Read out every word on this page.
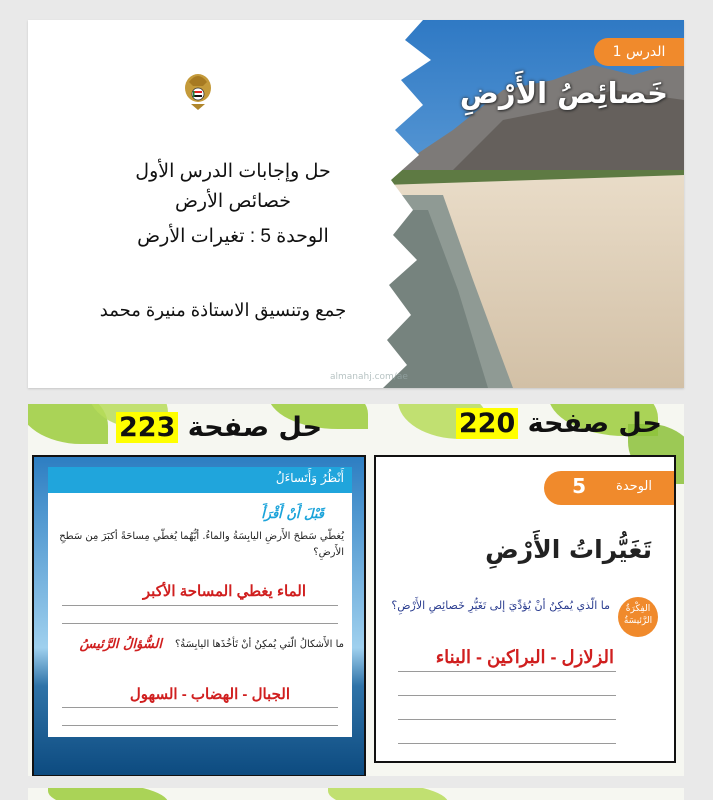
الدرس 1
خَصائِصُ الأَرْضِ
حل وإجابات الدرس الأول
خصائص الأرض
الوحدة 5 : تغيرات الأرض
جمع وتنسيق الاستاذة منيرة محمد
almanahj.com/ae
حل صفحة 220
حل صفحة 223
الوحدة
5
تَغَيُّراتُ الأَرْضِ
الفِكْرَةُ الرَّئيسَةُ
ما الّذي يُمكِنُ أنْ يُؤدِّيَ إلى تَغَيُّرِ خَصائِصِ الأَرْضِ؟
الزلازل - البراكين - البناء
أَنْظُرُ وَأَتَساءَلُ
قَبْلَ أَنْ أَقْرَأَ
يُغطّي سَطحَ الأَرضِ اليابِسَةُ والماءُ. أيُّهُما يُغطّي مِساحَةً أكبَرَ مِن سَطحِ الأَرضِ؟
الماء يغطي المساحة الأكبر
السُّؤالُ الرَّئيسُ	ما الأَشكالُ الّتي يُمكِنُ أنْ تَأخُذَها اليابِسَةُ؟
الجبال - الهضاب - السهول
